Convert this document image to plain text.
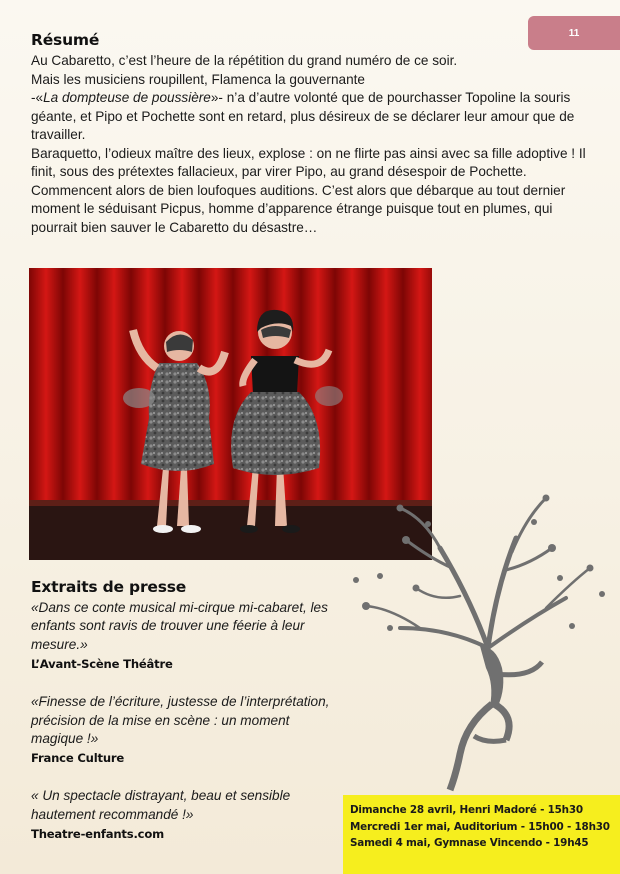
11
Résumé
Au Cabaretto, c’est l’heure de la répétition du grand numéro de ce soir.
Mais les musiciens roupillent, Flamenca la gouvernante
-«La dompteuse de poussière»- n’a d’autre volonté que de pourchasser Topoline la souris géante, et Pipo et Pochette sont en retard, plus désireux de se déclarer leur amour que de travailler.
Baraquetto, l’odieux maître des lieux, explose : on ne flirte pas ainsi avec sa fille adoptive ! Il finit, sous des prétextes fallacieux, par virer Pipo, au grand désespoir de Pochette.
Commencent alors de bien loufoques auditions. C’est alors que débarque au tout dernier moment le séduisant Picpus, homme d’apparence étrange puisque tout en plumes, qui pourrait bien sauver le Cabaretto du désastre…
Extraits de presse

«Dans ce conte musical mi-cirque mi-cabaret, les enfants sont ravis de trouver une féerie à leur mesure.»

L’Avant-Scène Théâtre

«Finesse de l’écriture, justesse de l’interprétation, précision de la mise en scène : un moment magique !»

France Culture

« Un spectacle distrayant, beau et sensible hautement recommandé !»

Theatre-enfants.com

Dimanche 28 avril, Henri Madoré - 15h30
Mercredi 1er mai, Auditorium - 15h00 - 18h30
Samedi 4 mai, Gymnase Vincendo - 19h45
